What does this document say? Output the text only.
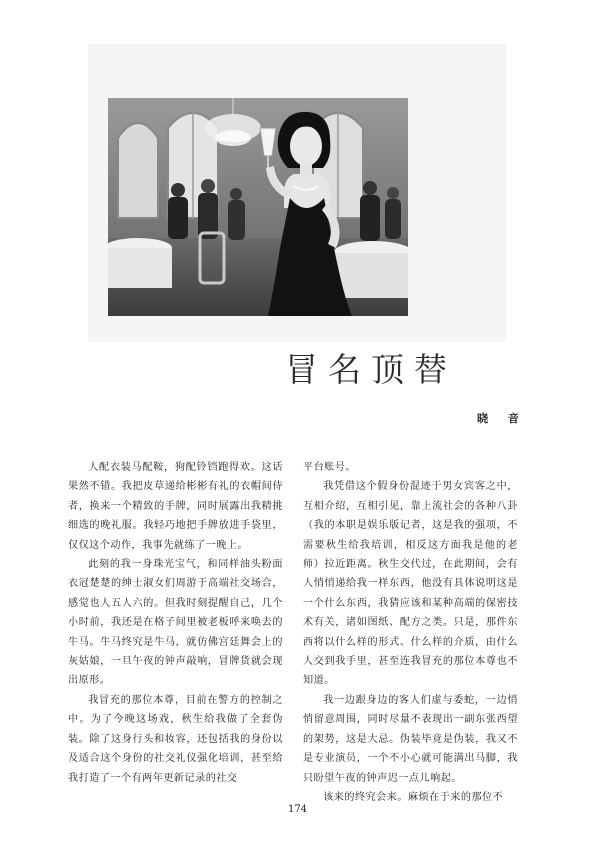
冒名顶替
晓 音

人配衣装马配鞍，狗配铃铛跑得欢。这话果然不错。我把皮草递给彬彬有礼的衣帽间侍者，换来一个精致的手牌，同时展露出我精挑细选的晚礼服。我轻巧地把手牌放进手袋里，仅仅这个动作，我事先就练了一晚上。

此刻的我一身珠光宝气，和同样油头粉面衣冠楚楚的绅士淑女们周游于高端社交场合，感觉也人五人六的。但我时刻提醒自己，几个小时前，我还是在格子间里被老板呼来唤去的牛马。牛马终究是牛马，就仿佛宫廷舞会上的灰姑娘，一旦午夜的钟声敲响，冒牌货就会现出原形。

我冒充的那位本尊，目前在警方的控制之中。为了今晚这场戏，秋生给我做了全套伪装。除了这身行头和妆容，还包括我的身份以及适合这个身份的社交礼仪强化培训，甚至给我打造了一个有两年更新记录的社交

平台账号。

我凭借这个假身份混迹于男女宾客之中，互相介绍，互相引见，靠上流社会的各种八卦（我的本职是娱乐版记者，这是我的强项，不需要秋生给我培训，相反这方面我是他的老师）拉近距离。秋生交代过，在此期间，会有人悄悄递给我一样东西，他没有具体说明这是一个什么东西，我猜应该和某种高端的保密技术有关，诸如图纸、配方之类。只是，那件东西将以什么样的形式、什么样的介质，由什么人交到我手里，甚至连我冒充的那位本尊也不知道。

我一边跟身边的客人们虚与委蛇，一边悄悄留意周围，同时尽量不表现出一副东张西望的架势，这是大忌。伪装毕竟是伪装，我又不是专业演员，一个不小心就可能满出马脚，我只盼望午夜的钟声迟一点儿响起。

该来的终究会来。麻烦在于来的那位不

174
